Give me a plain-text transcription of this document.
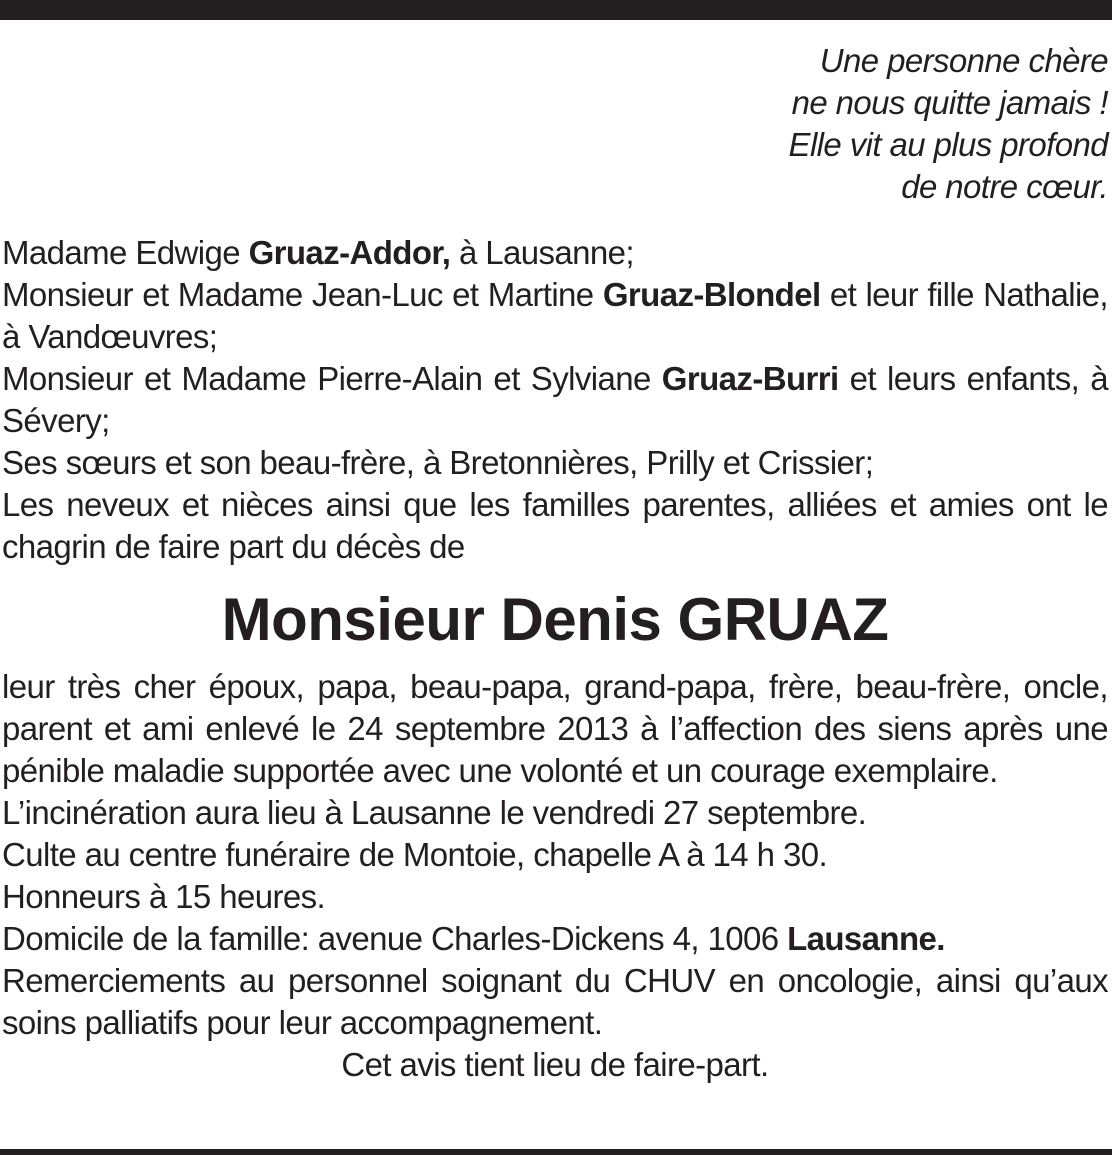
Une personne chère
ne nous quitte jamais !
Elle vit au plus profond
de notre cœur.

Madame Edwige Gruaz-Addor, à Lausanne;

Monsieur et Madame Jean-Luc et Martine Gruaz-Blondel et leur fille Nathalie, à Vandœuvres;

Monsieur et Madame Pierre-Alain et Sylviane Gruaz-Burri et leurs enfants, à Sévery;

Ses sœurs et son beau-frère, à Bretonnières, Prilly et Crissier;

Les neveux et nièces ainsi que les familles parentes, alliées et amies ont le chagrin de faire part du décès de

Monsieur Denis GRUAZ

leur très cher époux, papa, beau-papa, grand-papa, frère, beau-frère, oncle, parent et ami enlevé le 24 septembre 2013 à l’affection des siens après une pénible maladie supportée avec une volonté et un courage exemplaire.

L’incinération aura lieu à Lausanne le vendredi 27 septembre.

Culte au centre funéraire de Montoie, chapelle A à 14 h 30.

Honneurs à 15 heures.

Domicile de la famille: avenue Charles-Dickens 4, 1006 Lausanne.

Remerciements au personnel soignant du CHUV en oncologie, ainsi qu’aux soins palliatifs pour leur accompagnement.

Cet avis tient lieu de faire-part.
